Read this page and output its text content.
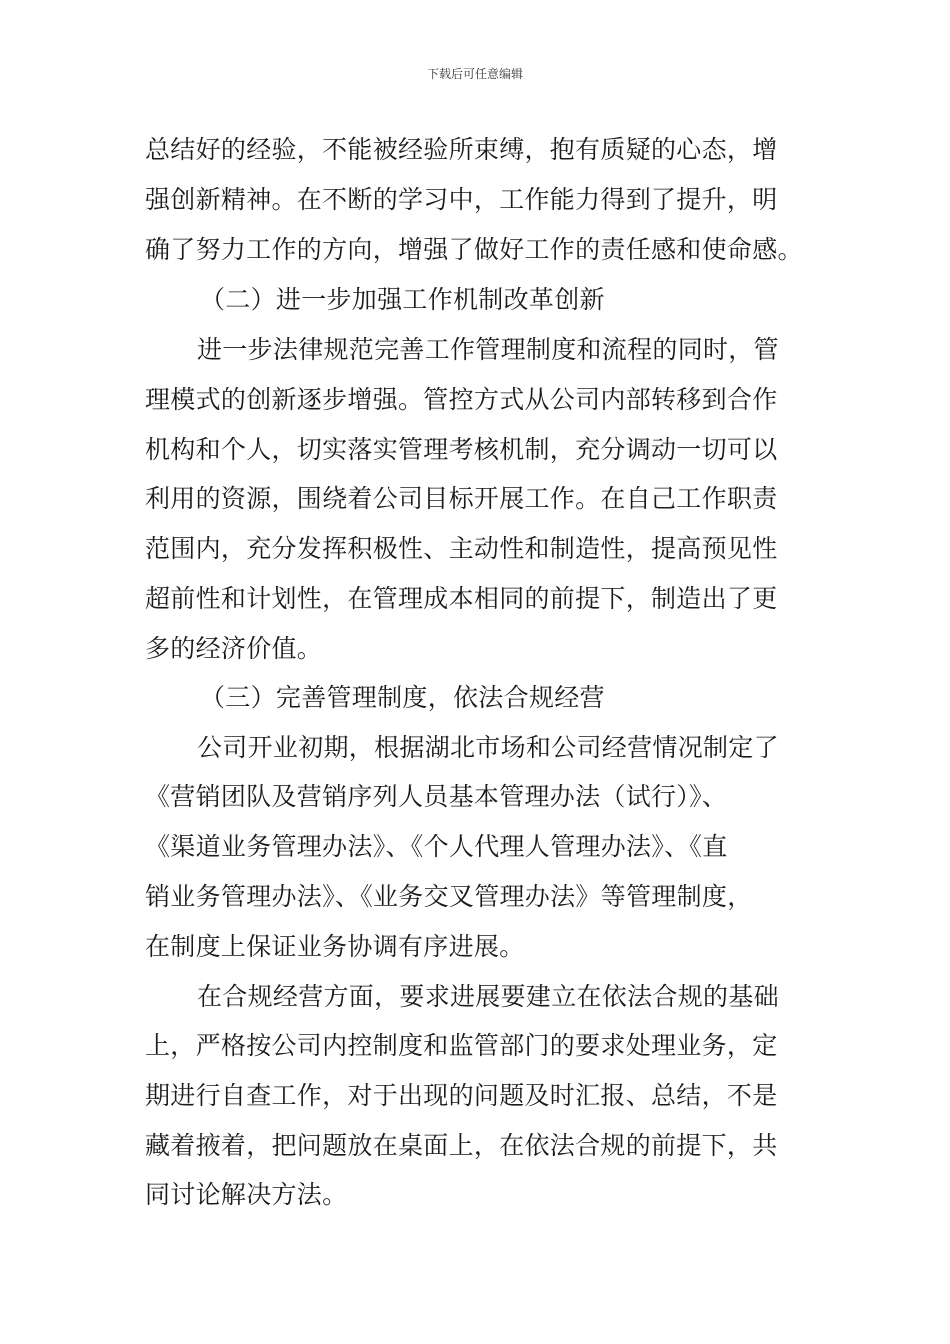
下载后可任意编辑
总结好的经验，不能被经验所束缚，抱有质疑的心态，增
强创新精神。在不断的学习中，工作能力得到了提升，明
确了努力工作的方向，增强了做好工作的责任感和使命感。
（二）进一步加强工作机制改革创新
进一步法律规范完善工作管理制度和流程的同时，管
理模式的创新逐步增强。管控方式从公司内部转移到合作
机构和个人，切实落实管理考核机制，充分调动一切可以
利用的资源，围绕着公司目标开展工作。在自己工作职责
范围内，充分发挥积极性、主动性和制造性，提高预见性
超前性和计划性，在管理成本相同的前提下，制造出了更
多的经济价值。
（三）完善管理制度，依法合规经营
公司开业初期，根据湖北市场和公司经营情况制定了
《营销团队及营销序列人员基本管理办法（试行）》、
《渠道业务管理办法》、《个人代理人管理办法》、《直
销业务管理办法》、《业务交叉管理办法》等管理制度，
在制度上保证业务协调有序进展。
在合规经营方面，要求进展要建立在依法合规的基础
上，严格按公司内控制度和监管部门的要求处理业务，定
期进行自查工作，对于出现的问题及时汇报、总结，不是
藏着掖着，把问题放在桌面上，在依法合规的前提下，共
同讨论解决方法。
